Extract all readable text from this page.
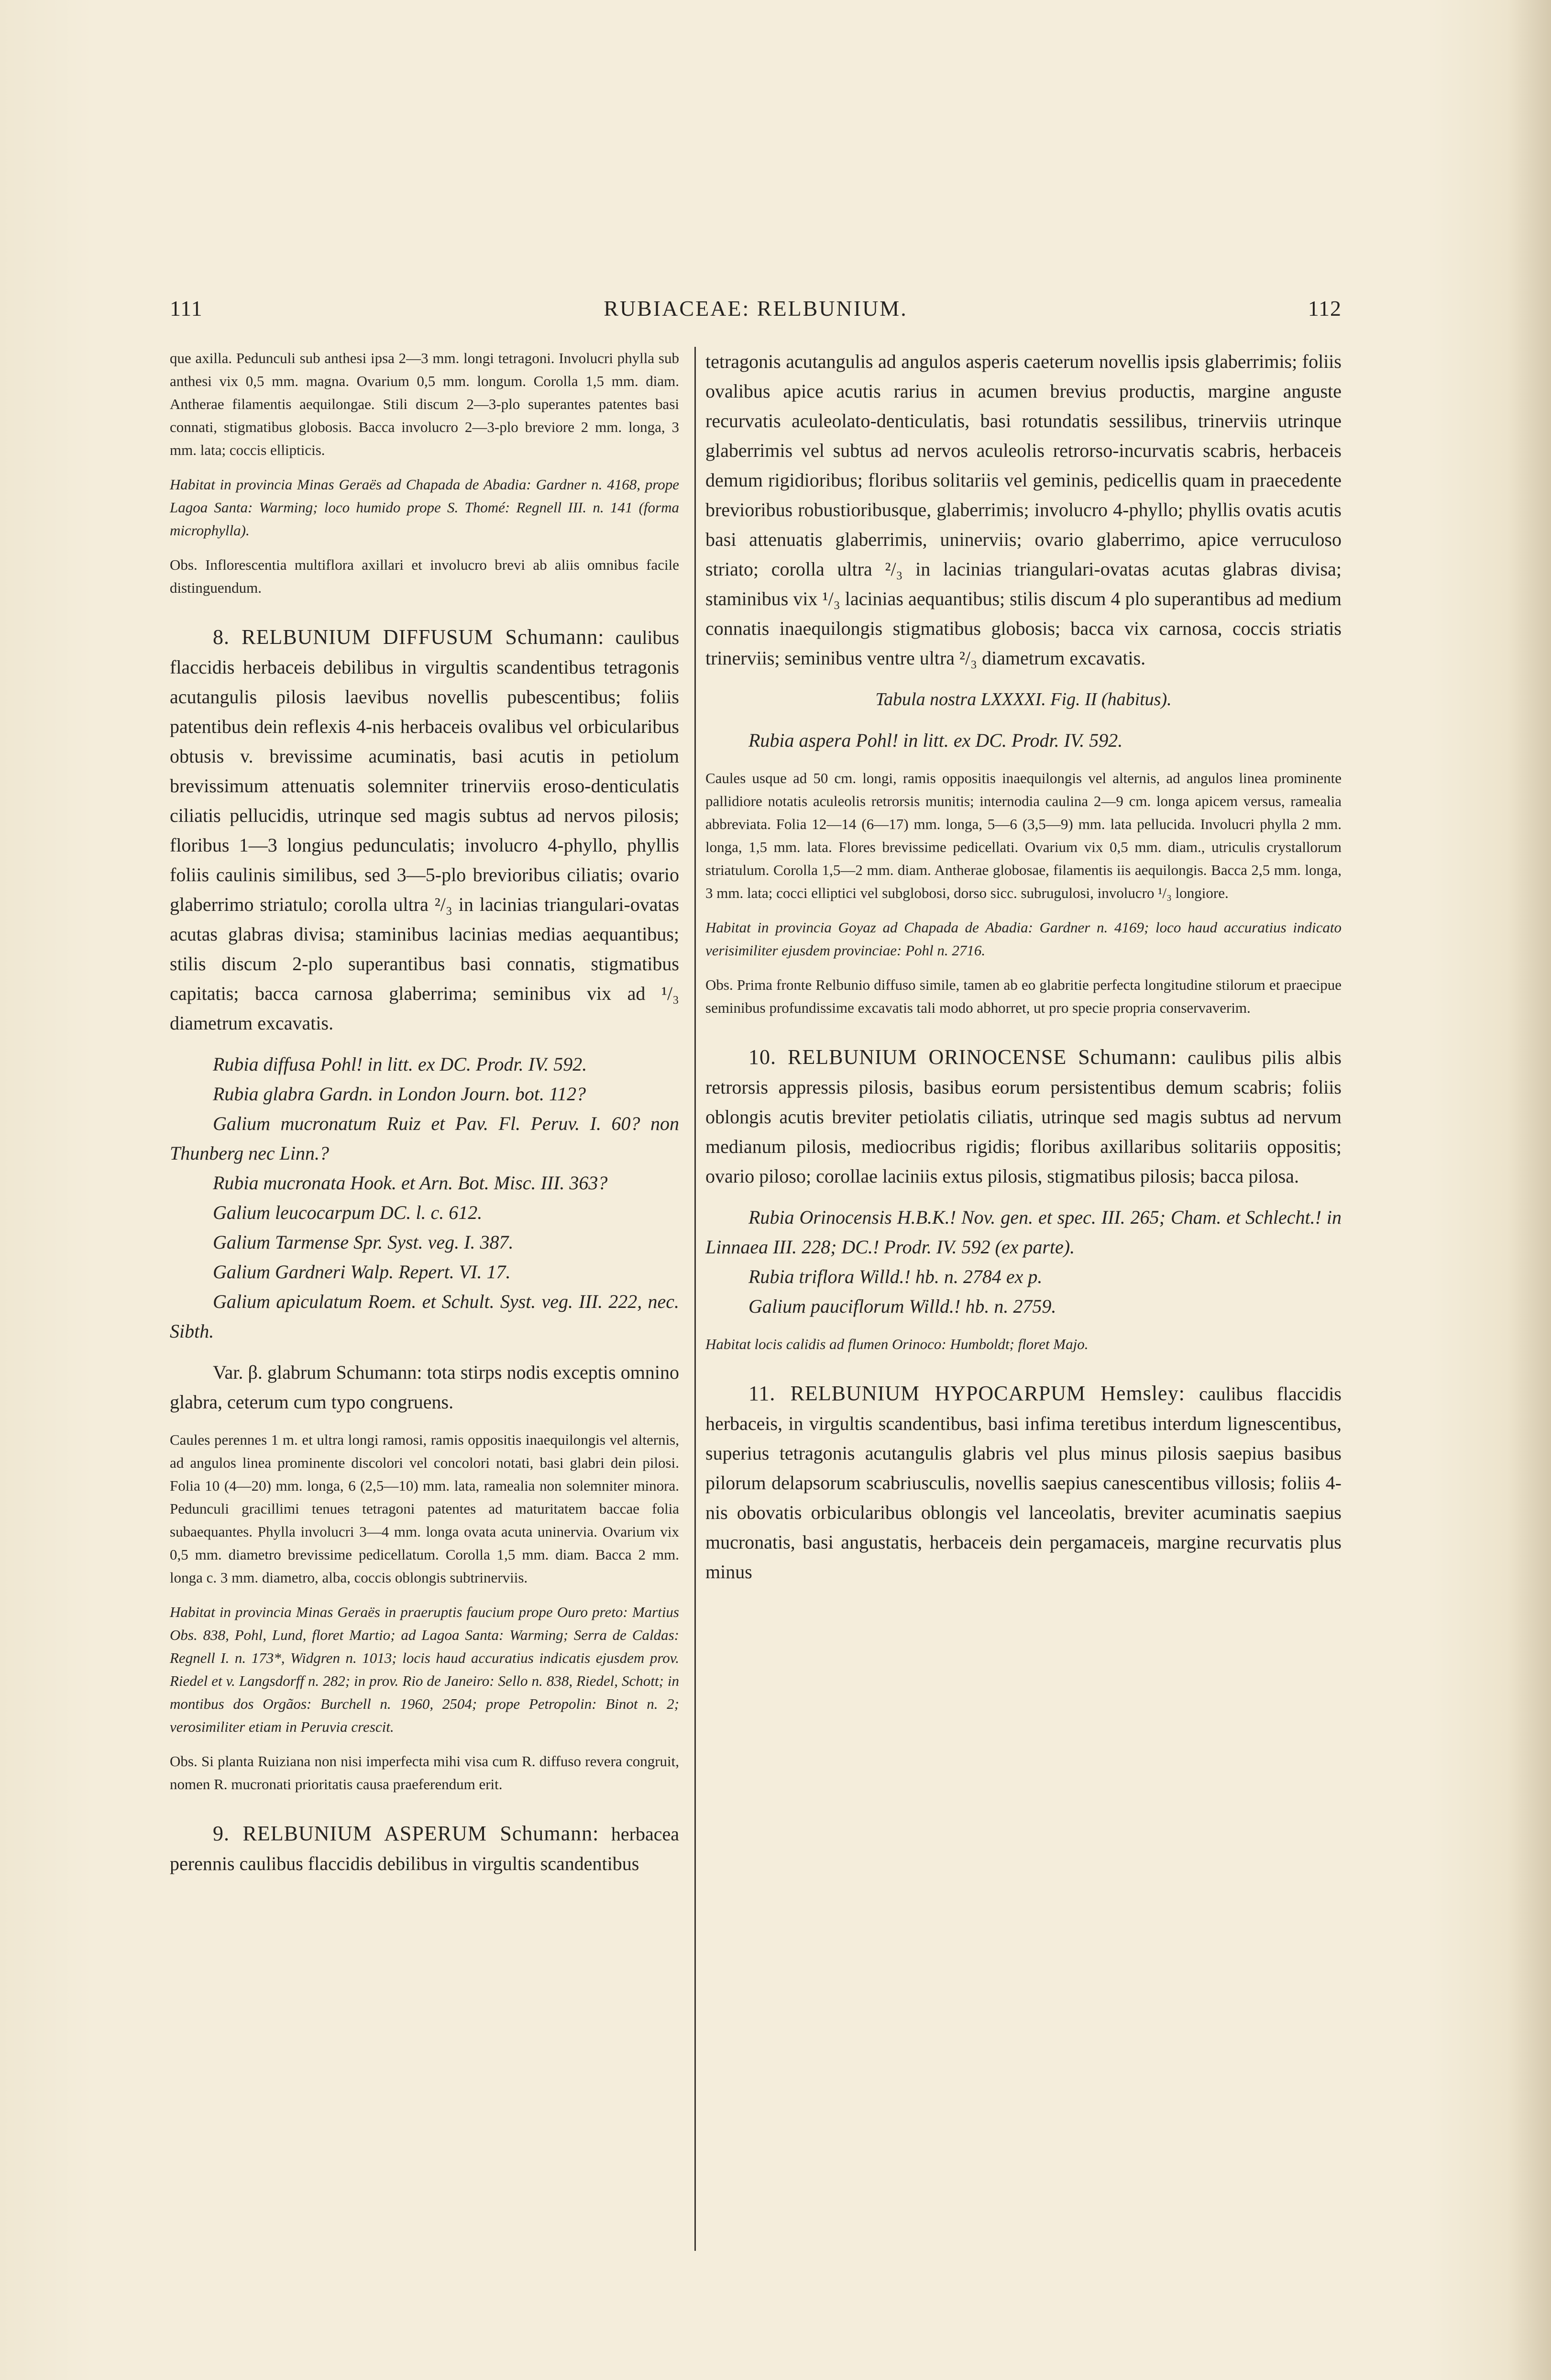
111	RUBIACEAE: RELBUNIUM.	112

que axilla. Pedunculi sub anthesi ipsa 2—3 mm. longi tetragoni. Involucri phylla sub anthesi vix 0,5 mm. magna. Ovarium 0,5 mm. longum. Corolla 1,5 mm. diam. Antherae filamentis aequilongae. Stili discum 2—3-plo superantes patentes basi connati, stigmatibus globosis. Bacca involucro 2—3-plo breviore 2 mm. longa, 3 mm. lata; coccis ellipticis.

Habitat in provincia Minas Geraës ad Chapada de Abadia: Gardner n. 4168, prope Lagoa Santa: Warming; loco humido prope S. Thomé: Regnell III. n. 141 (forma microphylla).

Obs. Inflorescentia multiflora axillari et involucro brevi ab aliis omnibus facile distinguendum.

8. RELBUNIUM DIFFUSUM Schumann: caulibus flaccidis herbaceis debilibus in virgultis scandentibus tetragonis acutangulis pilosis laevibus novellis pubescentibus; foliis patentibus dein reflexis 4-nis herbaceis ovalibus vel orbicularibus obtusis v. brevissime acuminatis, basi acutis in petiolum brevissimum attenuatis solemniter trinerviis eroso-denticulatis ciliatis pellucidis, utrinque sed magis subtus ad nervos pilosis; floribus 1—3 longius pedunculatis; involucro 4-phyllo, phyllis foliis caulinis similibus, sed 3—5-plo brevioribus ciliatis; ovario glaberrimo striatulo; corolla ultra ²/₃ in lacinias triangulari-ovatas acutas glabras divisa; staminibus lacinias medias aequantibus; stilis discum 2-plo superantibus basi connatis, stigmatibus capitatis; bacca carnosa glaberrima; seminibus vix ad ¹/₃ diametrum excavatis.

Rubia diffusa Pohl! in litt. ex DC. Prodr. IV. 592.

Rubia glabra Gardn. in London Journ. bot. 112?

Galium mucronatum Ruiz et Pav. Fl. Peruv. I. 60? non Thunberg nec Linn.?

Rubia mucronata Hook. et Arn. Bot. Misc. III. 363?

Galium leucocarpum DC. l. c. 612.

Galium Tarmense Spr. Syst. veg. I. 387.

Galium Gardneri Walp. Repert. VI. 17.

Galium apiculatum Roem. et Schult. Syst. veg. III. 222, nec. Sibth.

Var. β. glabrum Schumann: tota stirps nodis exceptis omnino glabra, ceterum cum typo congruens.

Caules perennes 1 m. et ultra longi ramosi, ramis oppositis inaequilongis vel alternis, ad angulos linea prominente discolori vel concolori notati, basi glabri dein pilosi. Folia 10 (4—20) mm. longa, 6 (2,5—10) mm. lata, ramealia non solemniter minora. Pedunculi gracillimi tenues tetragoni patentes ad maturitatem baccae folia subaequantes. Phylla involucri 3—4 mm. longa ovata acuta uninervia. Ovarium vix 0,5 mm. diametro brevissime pedicellatum. Corolla 1,5 mm. diam. Bacca 2 mm. longa c. 3 mm. diametro, alba, coccis oblongis subtrinerviis.

Habitat in provincia Minas Geraës in praeruptis faucium prope Ouro preto: Martius Obs. 838, Pohl, Lund, floret Martio; ad Lagoa Santa: Warming; Serra de Caldas: Regnell I. n. 173*, Widgren n. 1013; locis haud accuratius indicatis ejusdem prov. Riedel et v. Langsdorff n. 282; in prov. Rio de Janeiro: Sello n. 838, Riedel, Schott; in montibus dos Orgãos: Burchell n. 1960, 2504; prope Petropolin: Binot n. 2; verosimiliter etiam in Peruvia crescit.

Obs. Si planta Ruiziana non nisi imperfecta mihi visa cum R. diffuso revera congruit, nomen R. mucronati prioritatis causa praeferendum erit.

9. RELBUNIUM ASPERUM Schumann: herbacea perennis caulibus flaccidis debilibus in virgultis scandentibus

tetragonis acutangulis ad angulos asperis caeterum novellis ipsis glaberrimis; foliis ovalibus apice acutis rarius in acumen brevius productis, margine anguste recurvatis aculeolato-denticulatis, basi rotundatis sessilibus, trinerviis utrinque glaberrimis vel subtus ad nervos aculeolis retrorso-incurvatis scabris, herbaceis demum rigidioribus; floribus solitariis vel geminis, pedicellis quam in praecedente brevioribus robustioribusque, glaberrimis; involucro 4-phyllo; phyllis ovatis acutis basi attenuatis glaberrimis, uninerviis; ovario glaberrimo, apice verruculoso striato; corolla ultra ²/₃ in lacinias triangulari-ovatas acutas glabras divisa; staminibus vix ¹/₃ lacinias aequantibus; stilis discum 4 plo superantibus ad medium connatis inaequilongis stigmatibus globosis; bacca vix carnosa, coccis striatis trinerviis; seminibus ventre ultra ²/₃ diametrum excavatis.

Tabula nostra LXXXXI. Fig. II (habitus).

Rubia aspera Pohl! in litt. ex DC. Prodr. IV. 592.

Caules usque ad 50 cm. longi, ramis oppositis inaequilongis vel alternis, ad angulos linea prominente pallidiore notatis aculeolis retrorsis munitis; internodia caulina 2—9 cm. longa apicem versus, ramealia abbreviata. Folia 12—14 (6—17) mm. longa, 5—6 (3,5—9) mm. lata pellucida. Involucri phylla 2 mm. longa, 1,5 mm. lata. Flores brevissime pedicellati. Ovarium vix 0,5 mm. diam., utriculis crystallorum striatulum. Corolla 1,5—2 mm. diam. Antherae globosae, filamentis iis aequilongis. Bacca 2,5 mm. longa, 3 mm. lata; cocci elliptici vel subglobosi, dorso sicc. subrugulosi, involucro ¹/₃ longiore.

Habitat in provincia Goyaz ad Chapada de Abadia: Gardner n. 4169; loco haud accuratius indicato verisimiliter ejusdem provinciae: Pohl n. 2716.

Obs. Prima fronte Relbunio diffuso simile, tamen ab eo glabritie perfecta longitudine stilorum et praecipue seminibus profundissime excavatis tali modo abhorret, ut pro specie propria conservaverim.

10. RELBUNIUM ORINOCENSE Schumann: caulibus pilis albis retrorsis appressis pilosis, basibus eorum persistentibus demum scabris; foliis oblongis acutis breviter petiolatis ciliatis, utrinque sed magis subtus ad nervum medianum pilosis, mediocribus rigidis; floribus axillaribus solitariis oppositis; ovario piloso; corollae laciniis extus pilosis, stigmatibus pilosis; bacca pilosa.

Rubia Orinocensis H.B.K.! Nov. gen. et spec. III. 265; Cham. et Schlecht.! in Linnaea III. 228; DC.! Prodr. IV. 592 (ex parte).

Rubia triflora Willd.! hb. n. 2784 ex p.

Galium pauciflorum Willd.! hb. n. 2759.

Habitat locis calidis ad flumen Orinoco: Humboldt; floret Majo.

11. RELBUNIUM HYPOCARPUM Hemsley: caulibus flaccidis herbaceis, in virgultis scandentibus, basi infima teretibus interdum lignescentibus, superius tetragonis acutangulis glabris vel plus minus pilosis saepius basibus pilorum delapsorum scabriusculis, novellis saepius canescentibus villosis; foliis 4-nis obovatis orbicularibus oblongis vel lanceolatis, breviter acuminatis saepius mucronatis, basi angustatis, herbaceis dein pergamaceis, margine recurvatis plus minus
